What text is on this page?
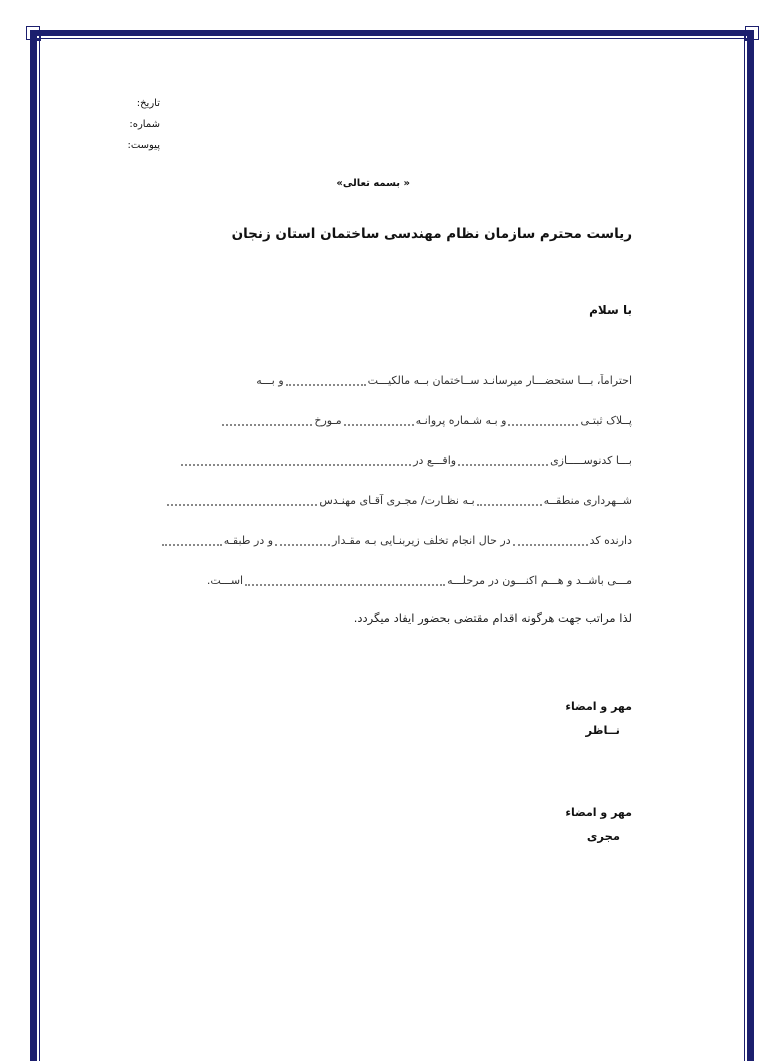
تاریخ:
شماره:
پیوست:
« بسمه تعالی»
ریاست محترم سازمان نظام مهندسی ساختمان استان زنجان
با سلام
احتراماً، بـــا ستحضـــار میرسانـد ســاختمان بــه مالکیـــتو بـــه
پــلاک ثبتـیو بـه شـماره پروانـهمـورخ
بـــا کدنوســـــازیواقـــع در
شــهرداری منطقــهبـه نظـارت/ مجـری آقـای مهنـدس
دارنده کددر حال انجام تخلف زیربنـایی بـه مقـدارو در طبقـه
مـــی باشــد و هـــم اکنـــون در مرحلـــهاســـت.
لذا مراتب جهت هرگونه اقدام مقتضی بحضور ایفاد میگردد.
مهر و امضاء
نــاظر
مهر و امضاء
مجری
